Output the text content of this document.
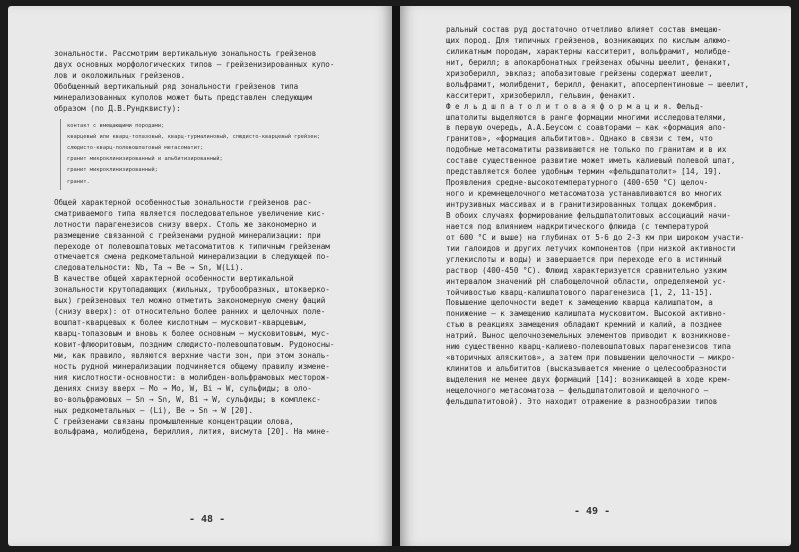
зональности. Рассмотрим вертикальную зональность грейзенов
двух основных морфологических типов – грейзенизированных купо-
лов и околожильных грейзенов.
Обобщенный вертикальный ряд зональности грейзенов типа
минерализованных куполов может быть представлен следующим
образом (по Д.В.Рундквисту):
контакт с вмещающими породами;
кварцевый или кварц-топазовый, кварц-турмалиновый, слюдисто-кварцевый грейзен;
слюдисто-кварц-полевошпатовый метасоматит;
гранит микроклинизированный и альбитизированный;
гранит микроклинизированный;
гранит.
Общей характерной особенностью зональности грейзенов рас-
сматриваемого типа является последовательное увеличение кис-
лотности парагенезисов снизу вверх. Столь же закономерно и
размещение связанной с грейзенами рудной минерализации: при
переходе от полевошпатовых метасоматитов к типичным грейзенам
отмечается смена редкометальной минерализации в следующей по-
следовательности: Nb, Ta → Be → Sn, W(Li).
В качестве общей характерной особенности вертикальной
зональности крутопадающих (жильных, трубообразных, штокверко-
вых) грейзеновых тел можно отметить закономерную смену фаций
(снизу вверх): от относительно более ранних и щелочных поле-
вошпат-кварцевых к более кислотным – мусковит-кварцевым,
кварц-топазовым и вновь к более основным – мусковитовым, мус-
ковит-флюоритовым, поздним слюдисто-полевошпатовым. Рудоносны-
ми, как правило, являются верхние части зон, при этом зональ-
ность рудной минерализации подчиняется общему правилу измене-
ния кислотности-основности: в молибден-вольфрамовых месторож-
дениях снизу вверх – Mo → Mo, W, Bi → W, сульфиды; в оло-
во-вольфрамовых – Sn → Sn, W, Bi → W, сульфиды; в комплекс-
ных редкометальных – (Li), Be → Sn → W [20].
С грейзенами связаны промышленные концентрации олова,
вольфрама, молибдена, бериллия, лития, висмута [20]. На мине-
- 48 -
ральный состав руд достаточно отчетливо влияет состав вмещаю-
щих пород. Для типичных грейзенов, возникающих по кислым алюмо-
силикатным породам, характерны касситерит, вольфрамит, молибде-
нит, берилл; в апокарбонатных грейзенах обычны шеелит, фенакит,
хризоберилл, эвклаз; апобазитовые грейзены содержат шеелит,
вольфрамит, молибденит, берилл, фенакит, апосерпентиновые – шеелит,
касситерит, хризоберилл, гельвин, фенакит.
Ф е л ь д ш п а т о л и т о в а я ф о р м а ц и я. Фельд-
шпатолиты выделяются в ранге формации многими исследователями,
в первую очередь, А.А.Беусом с соавторами – как «формация апо-
гранитов», «формация альбититов». Однако в связи с тем, что
подобные метасоматиты развиваются не только по гранитам и в их
составе существенное развитие может иметь калиевый полевой шпат,
представляется более удобным термин «фельдшпатолит» [14, 19].
Проявления средне-высокотемпературного (400-650 °С) щелоч-
ного и кремнещелочного метасоматоза устанавливаются во многих
интрузивных массивах и в гранитизированных толщах докембрия.
В обоих случаях формирование фельдшпатолитовых ассоциаций начи-
нается под влиянием надкритического флюида (с температурой
от 600 °С и выше) на глубинах от 5-6 до 2-3 км при широком участи-
тии галоидов и других летучих компонентов (при низкой активности
углекислоты и воды) и завершается при переходе его в истинный
раствор (400-450 °С). Флюид характеризуется сравнительно узким
интервалом значений рН слабощелочной области, определяемой ус-
тойчивостью кварц-калишпатового парагенезиса [1, 2, 11-15].
Повышение щелочности ведет к замещению кварца калишпатом, а
понижение – к замещению калишпата мусковитом. Высокой активно-
стью в реакциях замещения обладают кремний и калий, а позднее
натрий. Вынос щелочноземельных элементов приводит к возникнове-
нию существенно кварц-калиево-полевошпатовых парагенезисов типа
«вторичных аляскитов», а затем при повышении щелочности – микро-
клинитов и альбититов (высказывается мнение о целесообразности
выделения не менее двух формаций [14]: возникающей в ходе крем-
нещелочного метасоматоза – фельдшпатолитовой и щелочного –
фельдшпатитовой). Это находит отражение в разнообразии типов
- 49 -
